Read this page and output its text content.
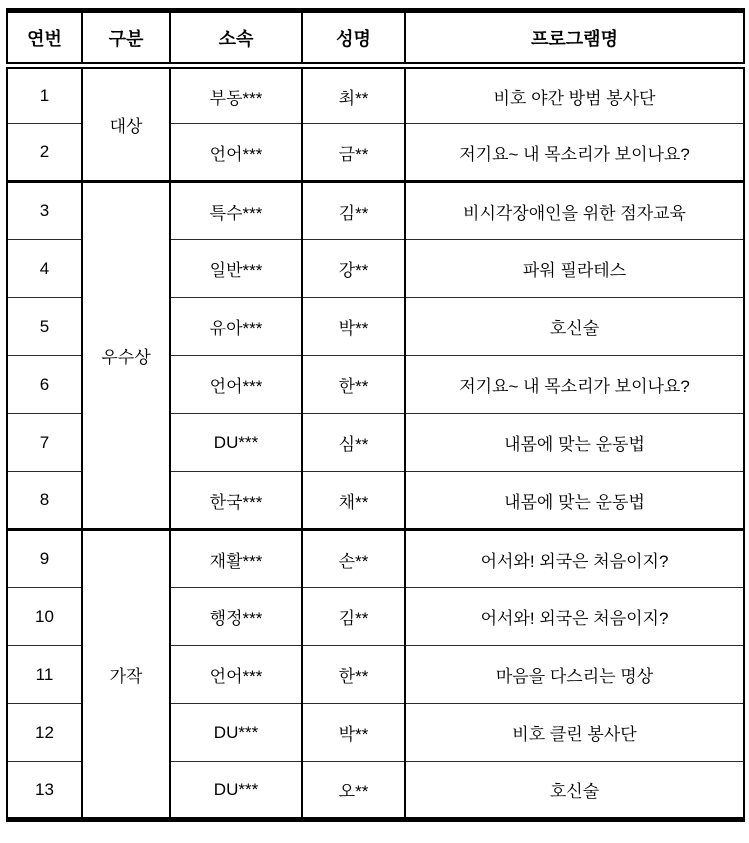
연번	구분	소속	성명	프로그램명
1	대상	부동***	최**	비호 야간 방범 봉사단
2		언어***	금**	저기요~ 내 목소리가 보이나요?
3	우수상	특수***	김**	비시각장애인을 위한 점자교육
4		일반***	강**	파워 필라테스
5		유아***	박**	호신술
6		언어***	한**	저기요~ 내 목소리가 보이나요?
7		DU***	심**	내몸에 맞는 운동법
8		한국***	채**	내몸에 맞는 운동법
9	가작	재활***	손**	어서와! 외국은 처음이지?
10		행정***	김**	어서와! 외국은 처음이지?
11		언어***	한**	마음을 다스리는 명상
12		DU***	박**	비호 클린 봉사단
13		DU***	오**	호신술
